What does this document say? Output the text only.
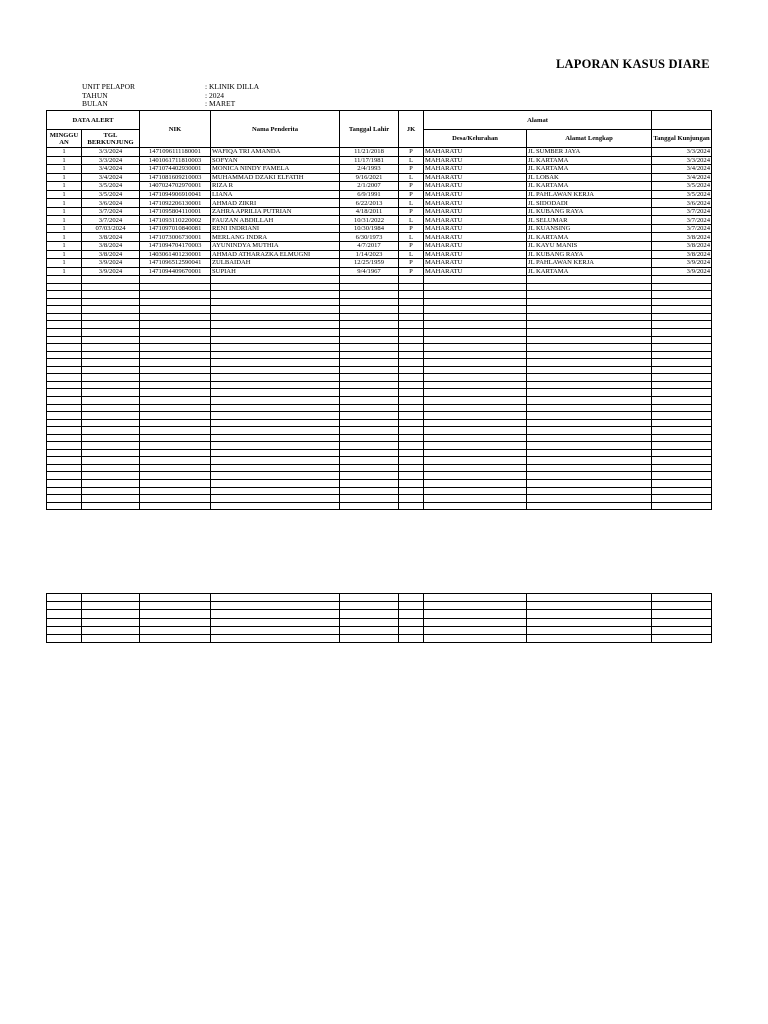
LAPORAN KASUS DIARE
UNIT PELAPOR	: KLINIK DILLA
TAHUN	: 2024
BULAN	: MARET
DATA ALERT		NIK	Nama Penderita	Tanggal Lahir	JK	Alamat		
MINGGUAN	TGL BERKUNJUNG					Desa/Kelurahan	Alamat Lengkap	Tanggal Kunjungan
1	3/3/2024	1471096111180001	WAFIQA TRI AMANDA	11/21/2018	P	MAHARATU	JL SUMBER JAYA	3/3/2024
1	3/3/2024	1401061711810003	SOFYAN	11/17/1981	L	MAHARATU	JL KARTAMA	3/3/2024
1	3/4/2024	1471074402930001	MONICA NINDY FAMELA	2/4/1993	P	MAHARATU	JL KARTAMA	3/4/2024
1	3/4/2024	1471081609210003	MUHAMMAD DZAKI ELFATIH	9/16/2021	L	MAHARATU	JL LOBAK	3/4/2024
1	3/5/2024	1407024702970001	RIZA R	2/1/2007	P	MAHARATU	JL KARTAMA	3/5/2024
1	3/5/2024	1471094906910041	LIANA	6/9/1991	P	MAHARATU	JL PAHLAWAN KERJA	3/5/2024
1	3/6/2024	1471092206130001	AHMAD ZIKRI	6/22/2013	L	MAHARATU	JL SIDODADI	3/6/2024
1	3/7/2024	1471095804110001	ZAHRA APRILIA PUTRIAN	4/18/2011	P	MAHARATU	JL KUBANG RAYA	3/7/2024
1	3/7/2024	1471093110220002	FAUZAN ABDILLAH	10/31/2022	L	MAHARATU	JL SELUMAR	3/7/2024
1	07/03/2024	1471097010840081	RENI INDRIANI	10/30/1984	P	MAHARATU	JL KUANSING	3/7/2024
1	3/8/2024	1471073006730001	MERLANG INDRA	6/30/1973	L	MAHARATU	JL KARTAMA	3/8/2024
1	3/8/2024	1471094704170003	AYUNINDYA MUTHIA	4/7/2017	P	MAHARATU	JL KAYU MANIS	3/8/2024
1	3/8/2024	1403061401230001	AHMAD ATHARAZKA ELMUGNI	1/14/2023	L	MAHARATU	JL KUBANG RAYA	3/8/2024
1	3/9/2024	1471096512590041	ZULBAIDAH	12/25/1959	P	MAHARATU	JL PAHLAWAN KERJA	3/9/2024
1	3/9/2024	1471094409670001	SUPIAH	9/4/1967	P	MAHARATU	JL KARTAMA	3/9/2024
